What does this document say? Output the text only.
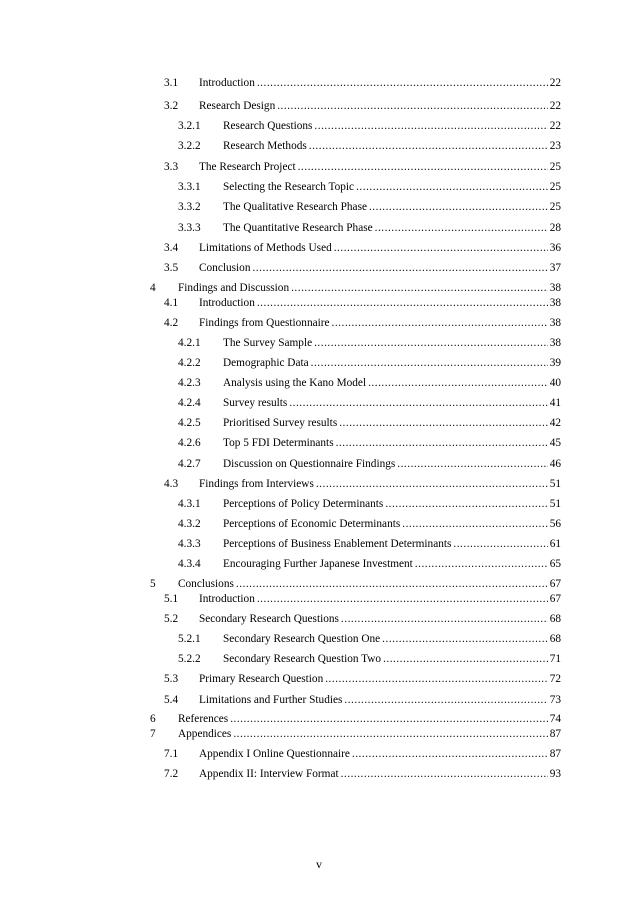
3.1	Introduction .....	22
3.2	Research Design .....	22
3.2.1	Research Questions .....	22
3.2.2	Research Methods .....	23
3.3	The Research Project .....	25
3.3.1	Selecting the Research Topic .....	25
3.3.2	The Qualitative Research Phase .....	25
3.3.3	The Quantitative Research Phase .....	28
3.4	Limitations of Methods Used .....	36
3.5	Conclusion .....	37
4	Findings and Discussion .....	38
4.1	Introduction .....	38
4.2	Findings from Questionnaire .....	38
4.2.1	The Survey Sample .....	38
4.2.2	Demographic Data .....	39
4.2.3	Analysis using the Kano Model .....	40
4.2.4	Survey results .....	41
4.2.5	Prioritised Survey results .....	42
4.2.6	Top 5 FDI Determinants .....	45
4.2.7	Discussion on Questionnaire Findings .....	46
4.3	Findings from Interviews .....	51
4.3.1	Perceptions of Policy Determinants .....	51
4.3.2	Perceptions of Economic Determinants .....	56
4.3.3	Perceptions of Business Enablement Determinants .....	61
4.3.4	Encouraging Further Japanese Investment .....	65
5	Conclusions .....	67
5.1	Introduction .....	67
5.2	Secondary Research Questions .....	68
5.2.1	Secondary Research Question One .....	68
5.2.2	Secondary Research Question Two .....	71
5.3	Primary Research Question .....	72
5.4	Limitations and Further Studies .....	73
6	References .....	74
7	Appendices .....	87
7.1	Appendix I Online Questionnaire .....	87
7.2	Appendix II: Interview Format .....	93
v
